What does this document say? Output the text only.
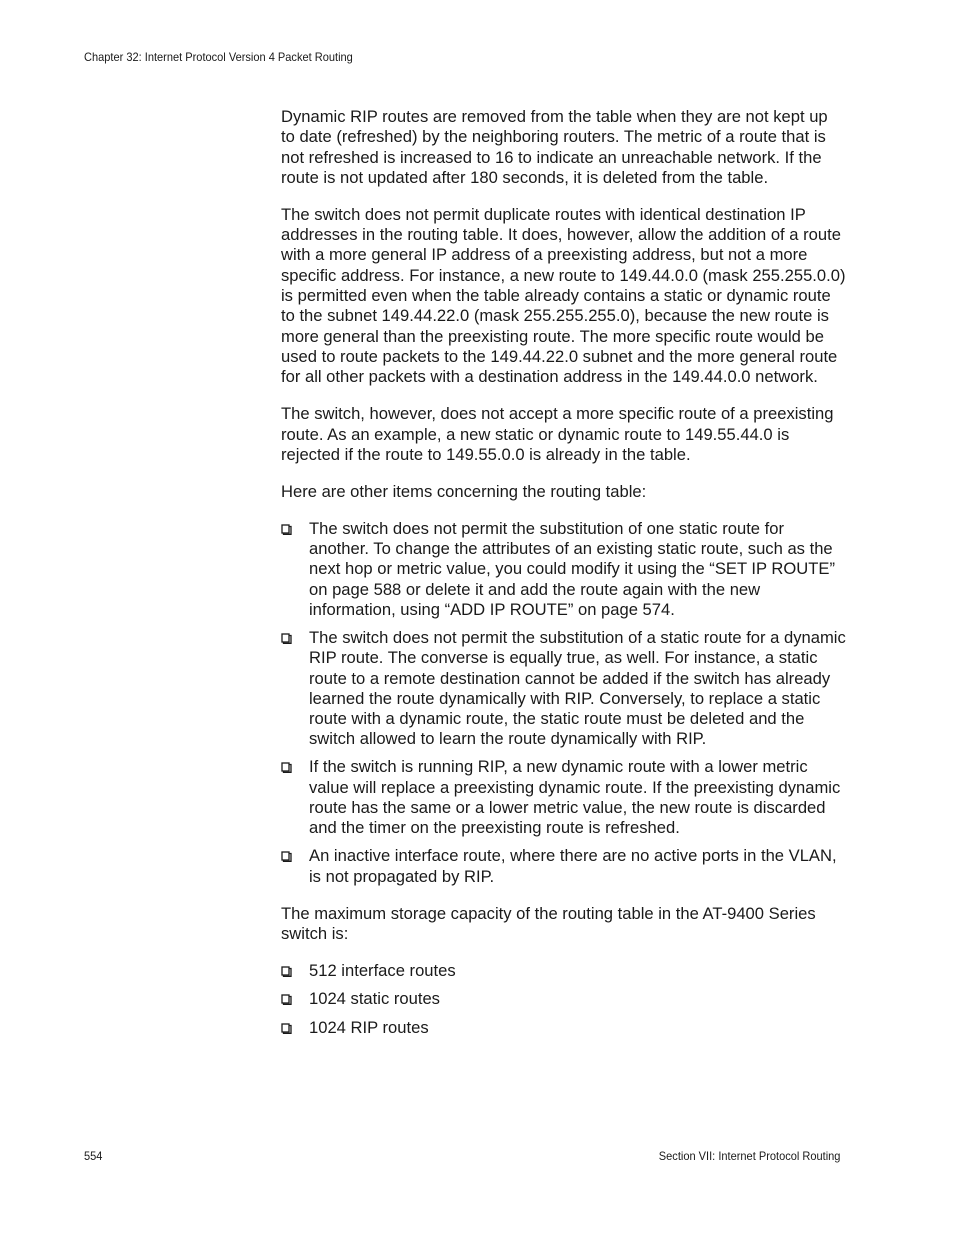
Chapter 32: Internet Protocol Version 4 Packet Routing

Dynamic RIP routes are removed from the table when they are not kept up to date (refreshed) by the neighboring routers. The metric of a route that is not refreshed is increased to 16 to indicate an unreachable network. If the route is not updated after 180 seconds, it is deleted from the table.

The switch does not permit duplicate routes with identical destination IP addresses in the routing table. It does, however, allow the addition of a route with a more general IP address of a preexisting address, but not a more specific address. For instance, a new route to 149.44.0.0 (mask 255.255.0.0) is permitted even when the table already contains a static or dynamic route to the subnet 149.44.22.0 (mask 255.255.255.0), because the new route is more general than the preexisting route. The more specific route would be used to route packets to the 149.44.22.0 subnet and the more general route for all other packets with a destination address in the 149.44.0.0 network.

The switch, however, does not accept a more specific route of a preexisting route. As an example, a new static or dynamic route to 149.55.44.0 is rejected if the route to 149.55.0.0 is already in the table.

Here are other items concerning the routing table:

The switch does not permit the substitution of one static route for another. To change the attributes of an existing static route, such as the next hop or metric value, you could modify it using the “SET IP ROUTE” on page 588 or delete it and add the route again with the new information, using “ADD IP ROUTE” on page 574.
The switch does not permit the substitution of a static route for a dynamic RIP route. The converse is equally true, as well. For instance, a static route to a remote destination cannot be added if the switch has already learned the route dynamically with RIP. Conversely, to replace a static route with a dynamic route, the static route must be deleted and the switch allowed to learn the route dynamically with RIP.
If the switch is running RIP, a new dynamic route with a lower metric value will replace a preexisting dynamic route. If the preexisting dynamic route has the same or a lower metric value, the new route is discarded and the timer on the preexisting route is refreshed.
An inactive interface route, where there are no active ports in the VLAN, is not propagated by RIP.

The maximum storage capacity of the routing table in the AT-9400 Series switch is:

512 interface routes
1024 static routes
1024 RIP routes
554	Section VII: Internet Protocol Routing
